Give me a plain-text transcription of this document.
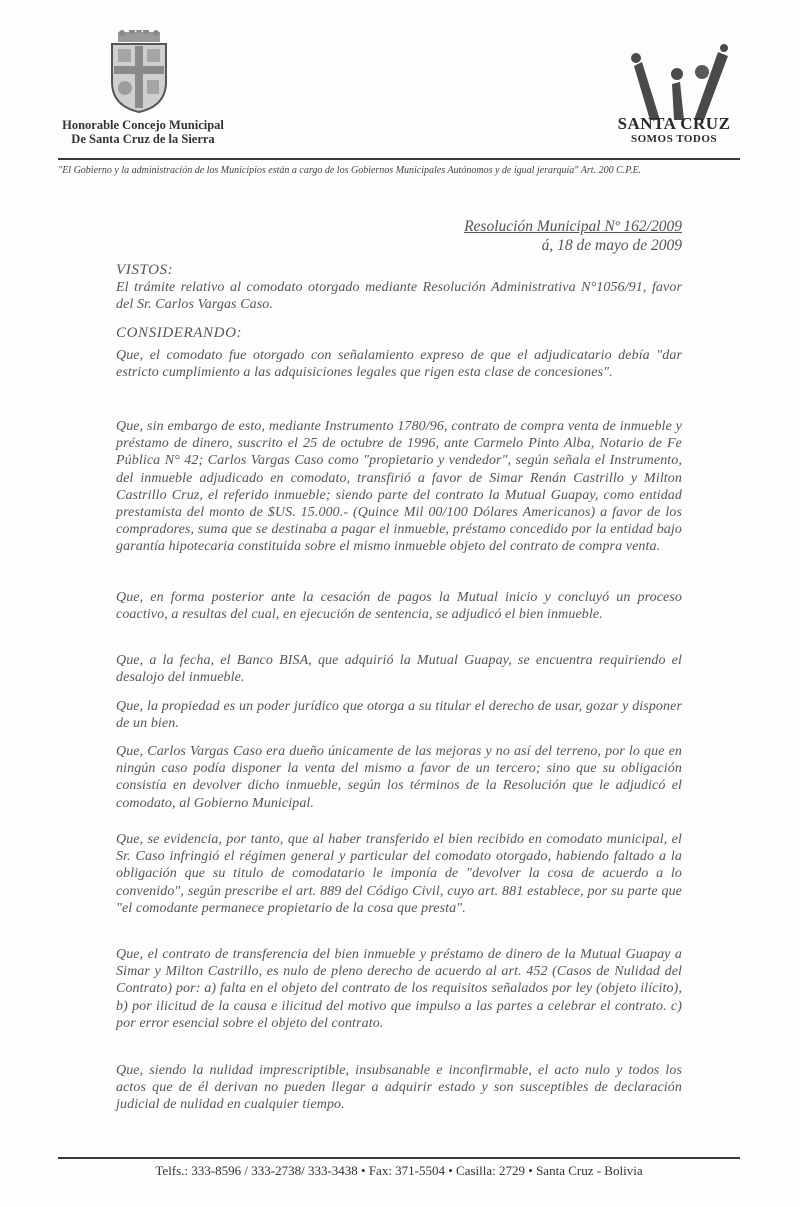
Honorable Concejo Municipal
De Santa Cruz de la Sierra
SANTA CRUZ
SOMOS TODOS
"El Gobierno y la administración de los Municipios están a cargo de los Gobiernos Municipales Autónomos y de igual jerarquía" Art. 200 C.P.E.
Resolución Municipal Nº 162/2009
á, 18 de mayo de 2009
VISTOS:
El trámite relativo al comodato otorgado mediante Resolución Administrativa N°1056/91, favor del Sr. Carlos Vargas Caso.
CONSIDERANDO:
Que, el comodato fue otorgado con señalamiento expreso de que el adjudicatario debía "dar estricto cumplimiento a las adquisiciones legales que rigen esta clase de concesiones".
Que, sin embargo de esto, mediante Instrumento 1780/96, contrato de compra venta de inmueble y préstamo de dinero, suscrito el 25 de octubre de 1996, ante Carmelo Pinto Alba, Notario de Fe Pública N° 42; Carlos Vargas Caso como "propietario y vendedor", según señala el Instrumento, del inmueble adjudicado en comodato, transfirió a favor de Simar Renán Castrillo y Milton Castrillo Cruz, el referido inmueble; siendo parte del contrato la Mutual Guapay, como entidad prestamista del monto de $US. 15.000.- (Quince Mil 00/100 Dólares Americanos) a favor de los compradores, suma que se destinaba a pagar el inmueble, préstamo concedido por la entidad bajo garantía hipotecaria constituida sobre el mismo inmueble objeto del contrato de compra venta.
Que, en forma posterior ante la cesación de pagos la Mutual inicio y concluyó un proceso coactivo, a resultas del cual, en ejecución de sentencia, se adjudicó el bien inmueble.
Que, a la fecha, el Banco BISA, que adquirió la Mutual Guapay, se encuentra requiriendo el desalojo del inmueble.
Que, la propiedad es un poder jurídico que otorga a su titular el derecho de usar, gozar y disponer de un bien.
Que, Carlos Vargas Caso era dueño únicamente de las mejoras y no así del terreno, por lo que en ningún caso podía disponer la venta del mismo a favor de un tercero; sino que su obligación consistía en devolver dicho inmueble, según los términos de la Resolución que le adjudicó el comodato, al Gobierno Municipal.
Que, se evidencia, por tanto, que al haber transferido el bien recibido en comodato municipal, el Sr. Caso infringió el régimen general y particular del comodato otorgado, habiendo faltado a la obligación que su titulo de comodatario le imponía de "devolver la cosa de acuerdo a lo convenido", según prescribe el art. 889 del Código Civil, cuyo art. 881 establece, por su parte que "el comodante permanece propietario de la cosa que presta".
Que, el contrato de transferencia del bien inmueble y préstamo de dinero de la Mutual Guapay a Simar y Milton Castrillo, es nulo de pleno derecho de acuerdo al art. 452 (Casos de Nulidad del Contrato) por: a) falta en el objeto del contrato de los requisitos señalados por ley (objeto ilícito), b) por ilicitud de la causa e ilicitud del motivo que impulso a las partes a celebrar el contrato. c) por error esencial sobre el objeto del contrato.
Que, siendo la nulidad imprescriptible, insubsanable e inconfirmable, el acto nulo y todos los actos que de él derivan no pueden llegar a adquirir estado y son susceptibles de declaración judicial de nulidad en cualquier tiempo.
Telfs.: 333-8596 / 333-2738/ 333-3438 • Fax: 371-5504 • Casilla: 2729 • Santa Cruz - Bolivia
